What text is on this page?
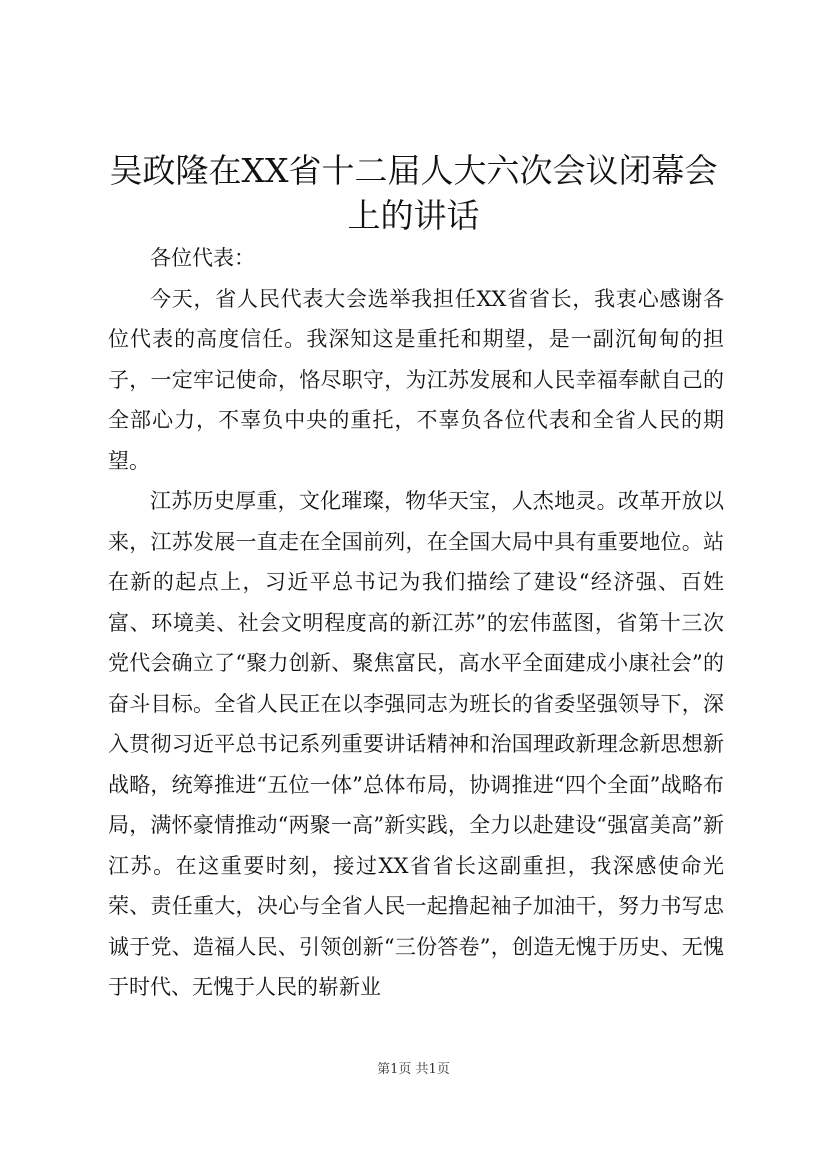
吴政隆在XX省十二届人大六次会议闭幕会上的讲话

各位代表：

今天，省人民代表大会选举我担任XX省省长，我衷心感谢各位代表的高度信任。我深知这是重托和期望，是一副沉甸甸的担子，一定牢记使命，恪尽职守，为江苏发展和人民幸福奉献自己的全部心力，不辜负中央的重托，不辜负各位代表和全省人民的期望。

江苏历史厚重，文化璀璨，物华天宝，人杰地灵。改革开放以来，江苏发展一直走在全国前列，在全国大局中具有重要地位。站在新的起点上，习近平总书记为我们描绘了建设“经济强、百姓富、环境美、社会文明程度高的新江苏”的宏伟蓝图，省第十三次党代会确立了“聚力创新、聚焦富民，高水平全面建成小康社会”的奋斗目标。全省人民正在以李强同志为班长的省委坚强领导下，深入贯彻习近平总书记系列重要讲话精神和治国理政新理念新思想新战略，统筹推进“五位一体”总体布局，协调推进“四个全面”战略布局，满怀豪情推动“两聚一高”新实践，全力以赴建设“强富美高”新江苏。在这重要时刻，接过XX省省长这副重担，我深感使命光荣、责任重大，决心与全省人民一起撸起袖子加油干，努力书写忠诚于党、造福人民、引领创新“三份答卷”，创造无愧于历史、无愧于时代、无愧于人民的崭新业

第1页 共1页
